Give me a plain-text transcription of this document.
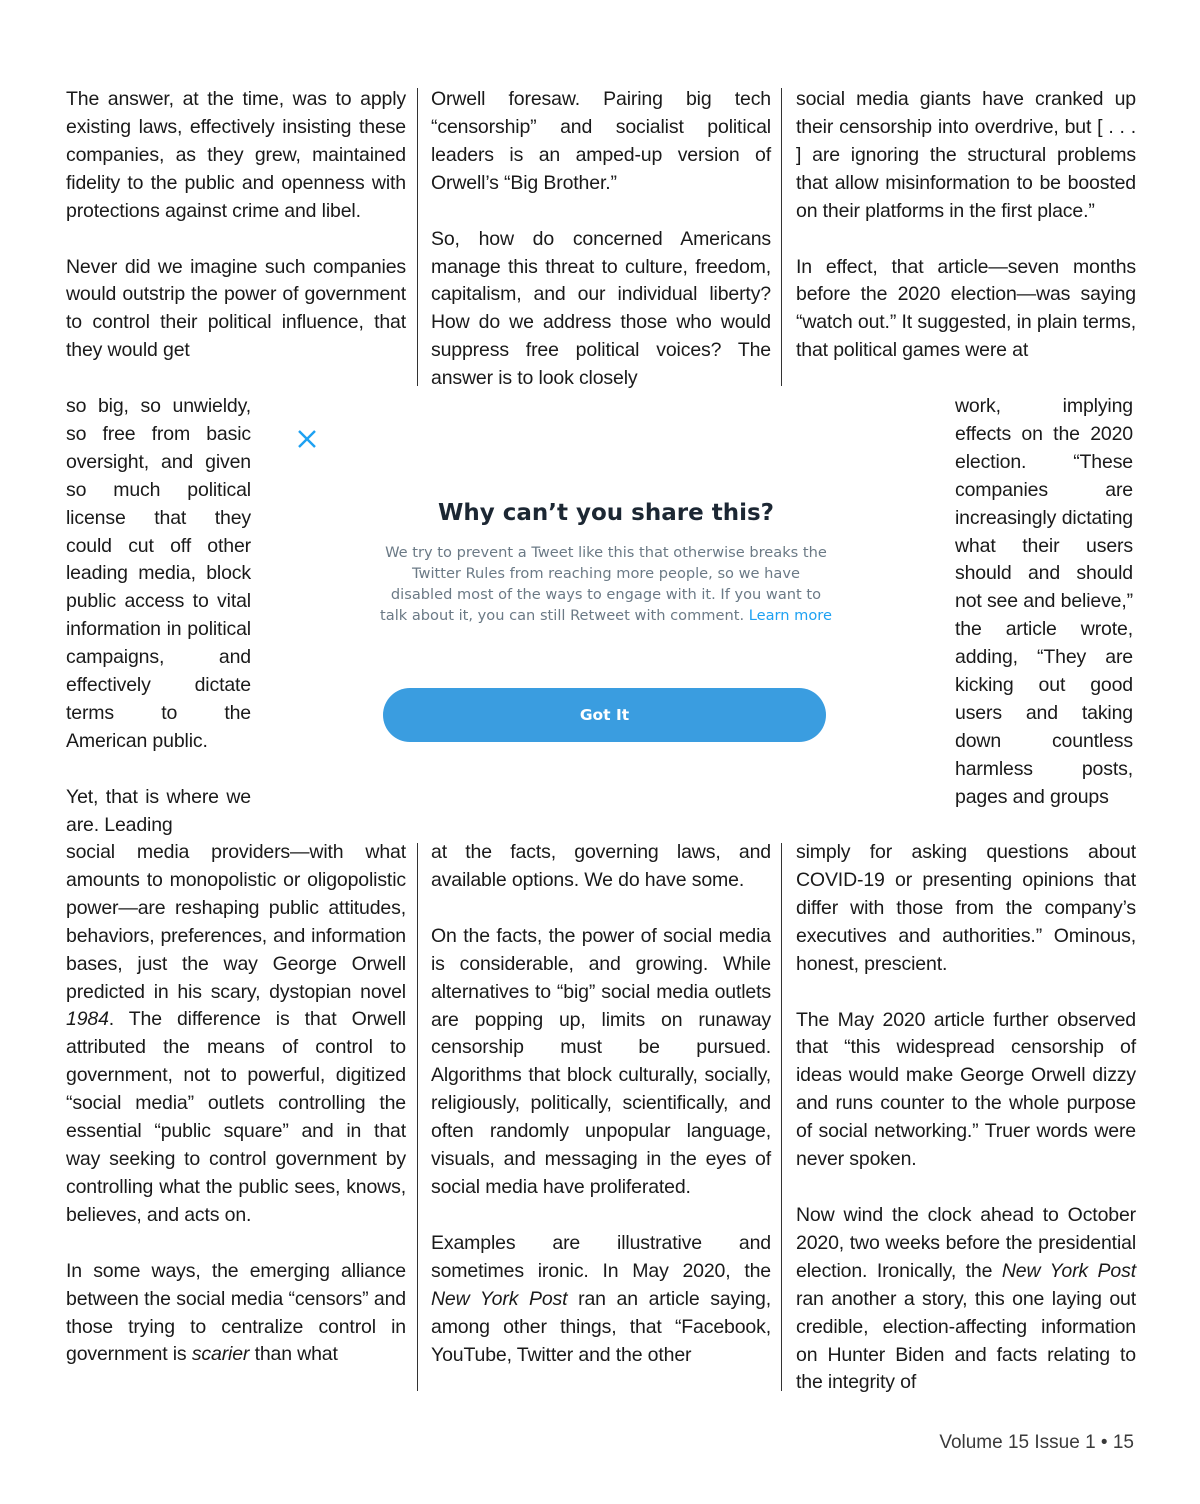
The answer, at the time, was to apply existing laws, effectively insisting these companies, as they grew, maintained fidelity to the public and openness with protections against crime and libel.

Never did we imagine such companies would outstrip the power of government to control their political influence, that they would get

so big, so unwieldy, so free from basic oversight, and given so much political license that they could cut off other leading media, block public access to vital information in political campaigns, and effectively dictate terms to the American public.

Yet, that is where we are. Leading

social media providers—with what amounts to monopolistic or oligopolistic power—are reshaping public attitudes, behaviors, preferences, and information bases, just the way George Orwell predicted in his scary, dystopian novel 1984. The difference is that Orwell attributed the means of control to government, not to powerful, digitized “social media” outlets controlling the essential “public square” and in that way seeking to control government by controlling what the public sees, knows, believes, and acts on.

In some ways, the emerging alliance between the social media “censors” and those trying to centralize control in government is scarier than what

Orwell foresaw. Pairing big tech “censorship” and socialist political leaders is an amped-up version of Orwell’s “Big Brother.”

So, how do concerned Americans manage this threat to culture, freedom, capitalism, and our individual liberty? How do we address those who would suppress free political voices? The answer is to look closely

at the facts, governing laws, and available options. We do have some.

On the facts, the power of social media is considerable, and growing. While alternatives to “big” social media outlets are popping up, limits on runaway censorship must be pursued. Algorithms that block culturally, socially, religiously, politically, scientifically, and often randomly unpopular language, visuals, and messaging in the eyes of social media have proliferated.

Examples are illustrative and sometimes ironic. In May 2020, the New York Post ran an article saying, among other things, that “Facebook, YouTube, Twitter and the other

social media giants have cranked up their censorship into overdrive, but [ . . . ] are ignoring the structural problems that allow misinformation to be boosted on their platforms in the first place.”

In effect, that article—seven months before the 2020 election—was saying “watch out.” It suggested, in plain terms, that political games were at

work, implying effects on the 2020 election. “These companies are increasingly dictating what their users should and should not see and believe,” the article wrote, adding, “They are kicking out good users and taking down countless harmless posts, pages and groups

simply for asking questions about COVID-19 or presenting opinions that differ with those from the company’s executives and authorities.” Ominous, honest, prescient.

The May 2020 article further observed that “this widespread censorship of ideas would make George Orwell dizzy and runs counter to the whole purpose of social networking.” Truer words were never spoken.

Now wind the clock ahead to October 2020, two weeks before the presidential election. Ironically, the New York Post ran another a story, this one laying out credible, election-affecting information on Hunter Biden and facts relating to the integrity of

Why can’t you share this?
We try to prevent a Tweet like this that otherwise breaks the Twitter Rules from reaching more people, so we have disabled most of the ways to engage with it. If you want to talk about it, you can still Retweet with comment. Learn more
Got It
Volume 15 Issue 1 • 15
